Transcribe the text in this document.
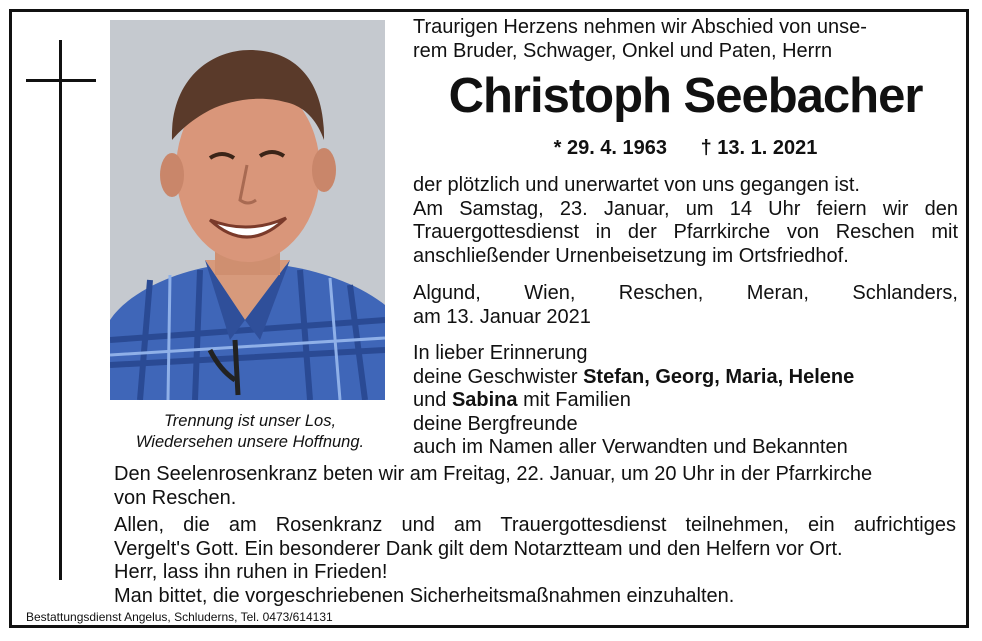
Trennung ist unser Los,
Wiedersehen unsere Hoffnung.
Traurigen Herzens nehmen wir Abschied von unse-
rem Bruder, Schwager, Onkel und Paten, Herrn
Christoph Seebacher
* 29. 4. 1963 † 13. 1. 2021
der plötzlich und unerwartet von uns gegangen ist.
Am Samstag, 23. Januar, um 14 Uhr feiern wir den
Trauergottesdienst in der Pfarrkirche von Reschen mit
anschließender Urnenbeisetzung im Ortsfriedhof.
Algund, Wien, Reschen, Meran, Schlanders,
am 13. Januar 2021
In lieber Erinnerung
deine Geschwister Stefan, Georg, Maria, Helene
und Sabina mit Familien
deine Bergfreunde
auch im Namen aller Verwandten und Bekannten
Den Seelenrosenkranz beten wir am Freitag, 22. Januar, um 20 Uhr in der Pfarrkirche
von Reschen.
Allen, die am Rosenkranz und am Trauergottesdienst teilnehmen, ein aufrichtiges
Vergelt's Gott. Ein besonderer Dank gilt dem Notarztteam und den Helfern vor Ort.
Herr, lass ihn ruhen in Frieden!
Man bittet, die vorgeschriebenen Sicherheitsmaßnahmen einzuhalten.
Bestattungsdienst Angelus, Schluderns, Tel. 0473/614131
